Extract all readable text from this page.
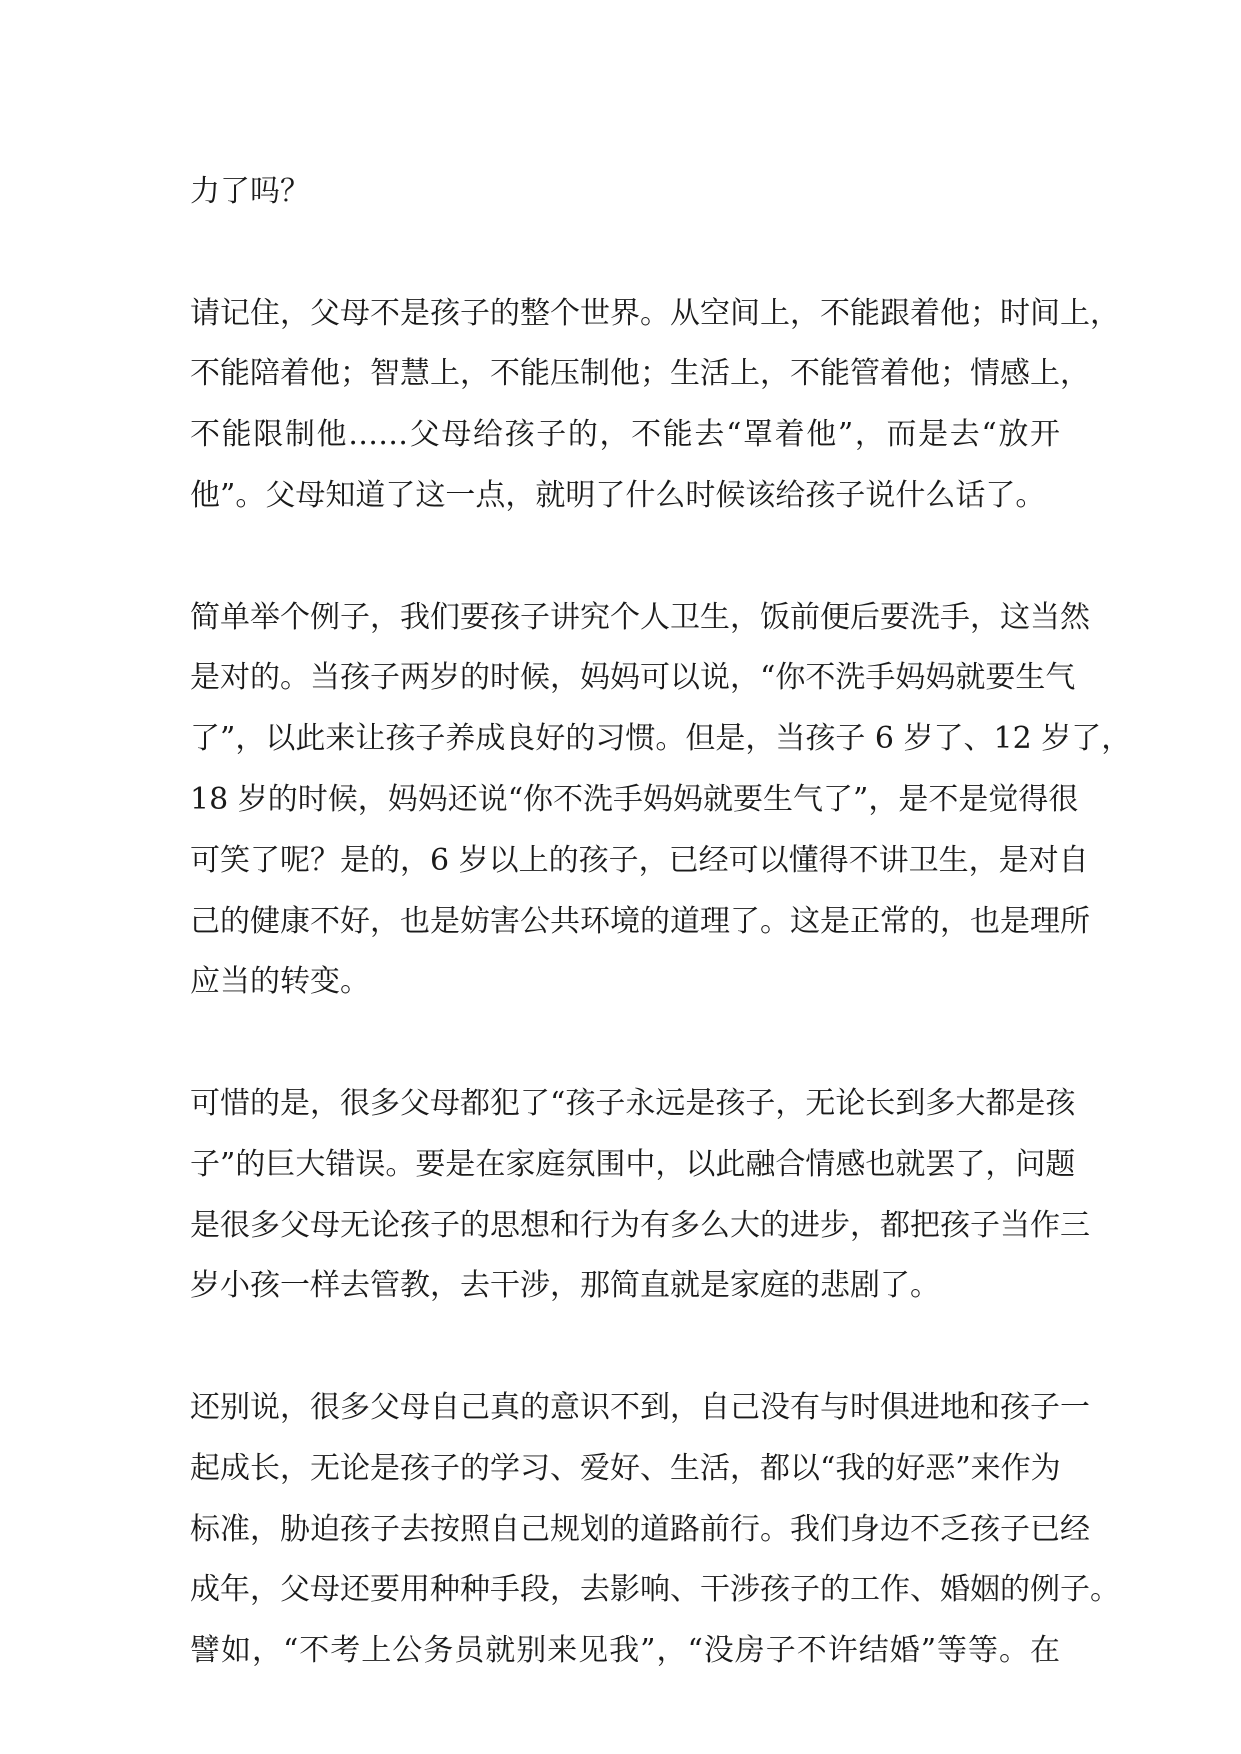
力了吗？
请记住，父母不是孩子的整个世界。从空间上，不能跟着他；时间上，
不能陪着他；智慧上，不能压制他；生活上，不能管着他；情感上，
不能限制他……父母给孩子的，不能去“罩着他”，而是去“放开
他”。父母知道了这一点，就明了什么时候该给孩子说什么话了。
简单举个例子，我们要孩子讲究个人卫生，饭前便后要洗手，这当然
是对的。当孩子两岁的时候，妈妈可以说，“你不洗手妈妈就要生气
了”，以此来让孩子养成良好的习惯。但是，当孩子 6 岁了、12 岁了，
18 岁的时候，妈妈还说“你不洗手妈妈就要生气了”，是不是觉得很
可笑了呢？是的，6 岁以上的孩子，已经可以懂得不讲卫生，是对自
己的健康不好，也是妨害公共环境的道理了。这是正常的，也是理所
应当的转变。
可惜的是，很多父母都犯了“孩子永远是孩子，无论长到多大都是孩
子”的巨大错误。要是在家庭氛围中，以此融合情感也就罢了，问题
是很多父母无论孩子的思想和行为有多么大的进步，都把孩子当作三
岁小孩一样去管教，去干涉，那简直就是家庭的悲剧了。
还别说，很多父母自己真的意识不到，自己没有与时俱进地和孩子一
起成长，无论是孩子的学习、爱好、生活，都以“我的好恶”来作为
标准，胁迫孩子去按照自己规划的道路前行。我们身边不乏孩子已经
成年，父母还要用种种手段，去影响、干涉孩子的工作、婚姻的例子。
譬如，“不考上公务员就别来见我”，“没房子不许结婚”等等。在
